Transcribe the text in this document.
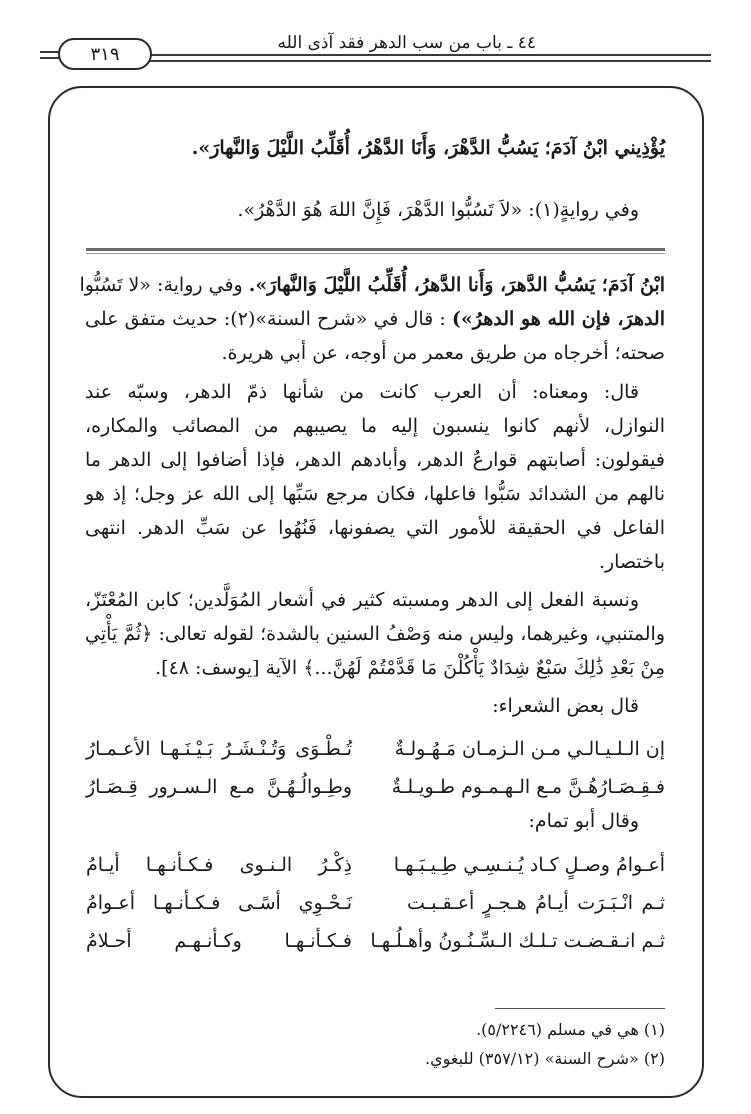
٤٤ ـ باب من سب الدهر فقد آذى الله
٣١٩
يُؤْذِيني ابْنُ آدَمَ؛ يَسُبُّ الدَّهْرَ، وَأَنَا الدَّهْرُ، أُقَلِّبُ اللَّيْلَ وَالنَّهارَ».
وفي روايةٍ(١): «لاَ تَسُبُّوا الدَّهْرَ، فَإِنَّ اللهَ هُوَ الدَّهْرُ».
ابْنُ آدَمَ؛ يَسُبُّ الدَّهرَ، وَأَنا الدَّهرُ، أُقَلِّبُ اللَّيْلَ وَالنَّهارَ». وفي رواية: «لا تَسُبُّوا
الدهرَ، فإن الله هو الدهرُ») : قال في «شرح السنة»(٢): حديث متفق على
صحته؛ أخرجاه من طريق معمر من أوجه، عن أبي هريرة.
قال: ومعناه: أن العرب كانت من شأنها ذمّ الدهر، وسبّه عند
النوازل، لأنهم كانوا ينسبون إليه ما يصيبهم من المصائب والمكاره،
فيقولون: أصابتهم قوارعُ الدهر، وأبادهم الدهر، فإذا أضافوا إلى الدهر ما
نالهم من الشدائد سَبُّوا فاعلها، فكان مرجع سَبِّها إلى الله عز وجل؛ إذ هو
الفاعل في الحقيقة للأمور التي يصفونها، فَنُهُوا عن سَبِّ الدهر. انتهى
باختصار.
ونسبة الفعل إلى الدهر ومسبته كثير في أشعار المُوَلَّدين؛ كابن المُعْتَزّ،
والمتنبي، وغيرهما، وليس منه وَصْفُ السنين بالشدة؛ لقوله تعالى: ﴿ثُمَّ يَأْتِي
مِنْ بَعْدِ ذَٰلِكَ سَبْعٌ شِدَادٌ يَأْكُلْنَ مَا قَدَّمْتُمْ لَهُنَّ...﴾ الآية [يوسف: ٤٨].
قال بعض الشعراء:
إن الـلـيـالـي مـن الـزمـان مَـهُـولـةٌ
تُـطْـوَى وَتُـنْـشَـرُ بَـيْـنَـهـا الأعـمـارُ
فـقِـصَـارُهُـنَّ مـع الـهـمـوم طـويـلـةٌ
وطِـوالُـهُـنَّ مـع الـسـرور قِـصَـارُ
وقال أبو تمام:
أعـوامُ وصـلٍ كـاد يُـنـسِـي طِـيـبَـهـا
ذِكْـرُ الـنـوى فـكـأنـهـا أيـامُ
ثـم انْـبَـرَت أيـامُ هـجـرٍ أعـقـبـت
نَـحْـوِي أسًـى فـكـأنـهـا أعـوامُ
ثـم انـقـضـت تـلـك الـسِّـنُـونُ وأهـلُـهـا
فـكـأنـهـا وكـأنـهـم أحـلامُ
(١) هي في مسلم (٥/٢٢٤٦).
(٢) «شرح السنة» (٣٥٧/١٢) للبغوي.
